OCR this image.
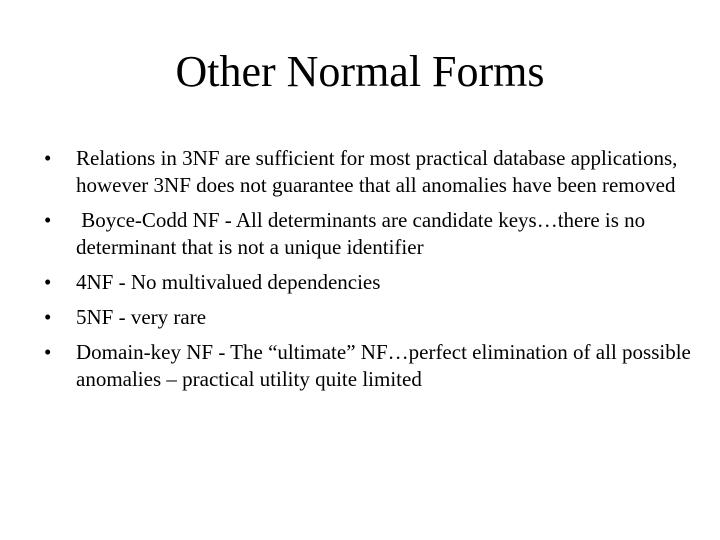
Other Normal Forms
•	Relations in 3NF are sufficient for most practical database applications, however 3NF does not guarantee that all anomalies have been removed
•	Boyce-Codd NF - All determinants are candidate keys…there is no determinant that is not a unique identifier
•	4NF - No multivalued dependencies
•	5NF - very rare
•	Domain-key NF - The “ultimate” NF…perfect elimination of all possible anomalies – practical utility quite limited
